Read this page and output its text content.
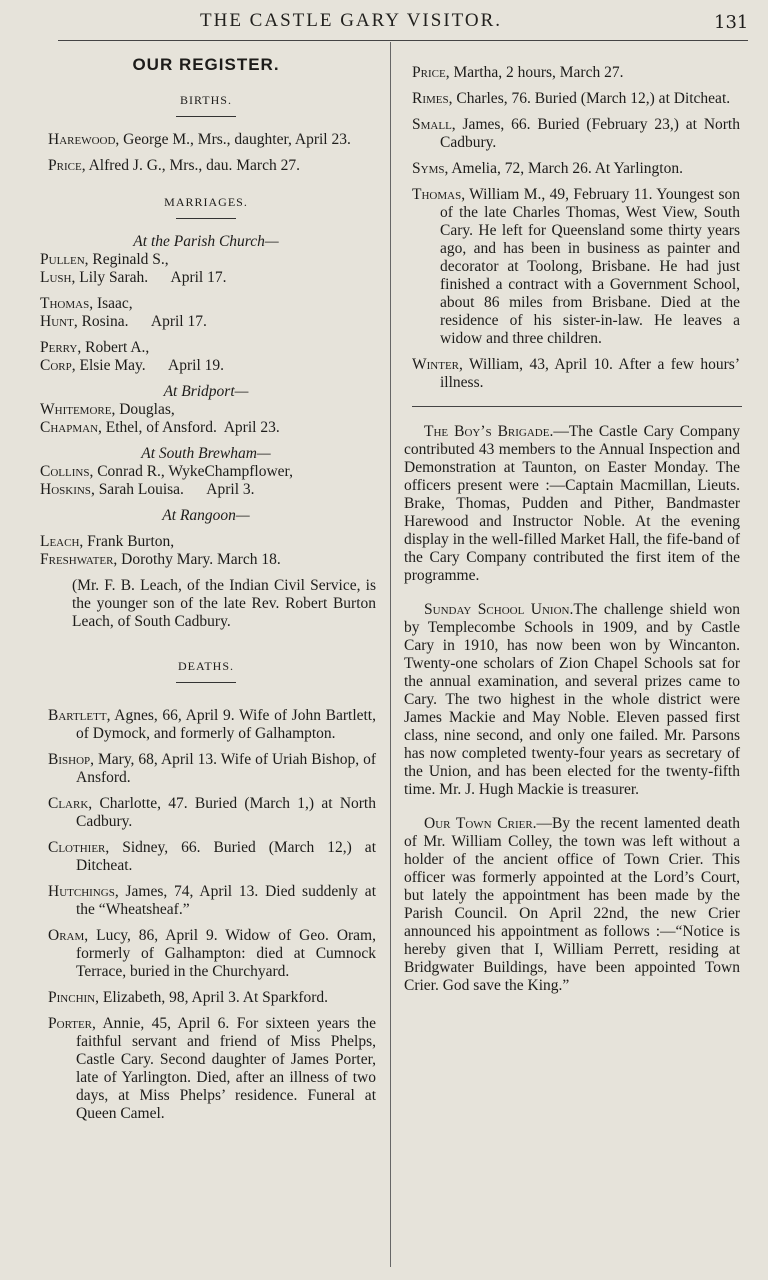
THE CASTLE GARY VISITOR.	131
OUR REGISTER.
BIRTHS.

Harewood, George M., Mrs., daughter, April 23.

Price, Alfred J. G., Mrs., dau. March 27.

MARRIAGES.

At the Parish Church—

Pullen, Reginald S.,
Lush, Lily Sarah.      April 17.
Thomas, Isaac,
Hunt, Rosina.      April 17.
Perry, Robert A.,
Corp, Elsie May.      April 19.

At Bridport—

Whitemore, Douglas,
Chapman, Ethel, of Ansford.  April 23.

At South Brewham—

Collins, Conrad R., WykeChampflower,
Hoskins, Sarah Louisa.      April 3.

At Rangoon—

Leach, Frank Burton,
Freshwater, Dorothy Mary. March 18.

(Mr. F. B. Leach, of the Indian Civil Service, is the younger son of the late Rev. Robert Burton Leach, of South Cadbury.

DEATHS.

Bartlett, Agnes, 66, April 9. Wife of John Bartlett, of Dymock, and formerly of Galhampton.

Bishop, Mary, 68, April 13. Wife of Uriah Bishop, of Ansford.

Clark, Charlotte, 47. Buried (March 1,) at North Cadbury.

Clothier, Sidney, 66. Buried (March 12,) at Ditcheat.

Hutchings, James, 74, April 13. Died suddenly at the “Wheatsheaf.”

Oram, Lucy, 86, April 9. Widow of Geo. Oram, formerly of Galhampton: died at Cumnock Terrace, buried in the Churchyard.

Pinchin, Elizabeth, 98, April 3. At Sparkford.

Porter, Annie, 45, April 6. For sixteen years the faithful servant and friend of Miss Phelps, Castle Cary. Second daughter of James Porter, late of Yarlington. Died, after an illness of two days, at Miss Phelps’ residence. Funeral at Queen Camel.

Price, Martha, 2 hours, March 27.

Rimes, Charles, 76. Buried (March 12,) at Ditcheat.

Small, James, 66. Buried (February 23,) at North Cadbury.

Syms, Amelia, 72, March 26. At Yarlington.

Thomas, William M., 49, February 11. Youngest son of the late Charles Thomas, West View, South Cary. He left for Queensland some thirty years ago, and has been in business as painter and decorator at Toolong, Brisbane. He had just finished a contract with a Government School, about 86 miles from Brisbane. Died at the residence of his sister-in-law. He leaves a widow and three children.

Winter, William, 43, April 10. After a few hours’ illness.

The Boy’s Brigade.—The Castle Cary Company contributed 43 members to the Annual Inspection and Demonstration at Taunton, on Easter Monday. The officers present were :—Captain Macmillan, Lieuts. Brake, Thomas, Pudden and Pither, Bandmaster Harewood and Instructor Noble. At the evening display in the well-filled Market Hall, the fife-band of the Cary Company contributed the first item of the programme.

Sunday School Union.The challenge shield won by Templecombe Schools in 1909, and by Castle Cary in 1910, has now been won by Wincanton. Twenty-one scholars of Zion Chapel Schools sat for the annual examination, and several prizes came to Cary. The two highest in the whole district were James Mackie and May Noble. Eleven passed first class, nine second, and only one failed. Mr. Parsons has now completed twenty-four years as secretary of the Union, and has been elected for the twenty-fifth time. Mr. J. Hugh Mackie is treasurer.

Our Town Crier.—By the recent lamented death of Mr. William Colley, the town was left without a holder of the ancient office of Town Crier. This officer was formerly appointed at the Lord’s Court, but lately the appointment has been made by the Parish Council. On April 22nd, the new Crier announced his appointment as follows :—“Notice is hereby given that I, William Perrett, residing at Bridgwater Buildings, have been appointed Town Crier. God save the King.”
